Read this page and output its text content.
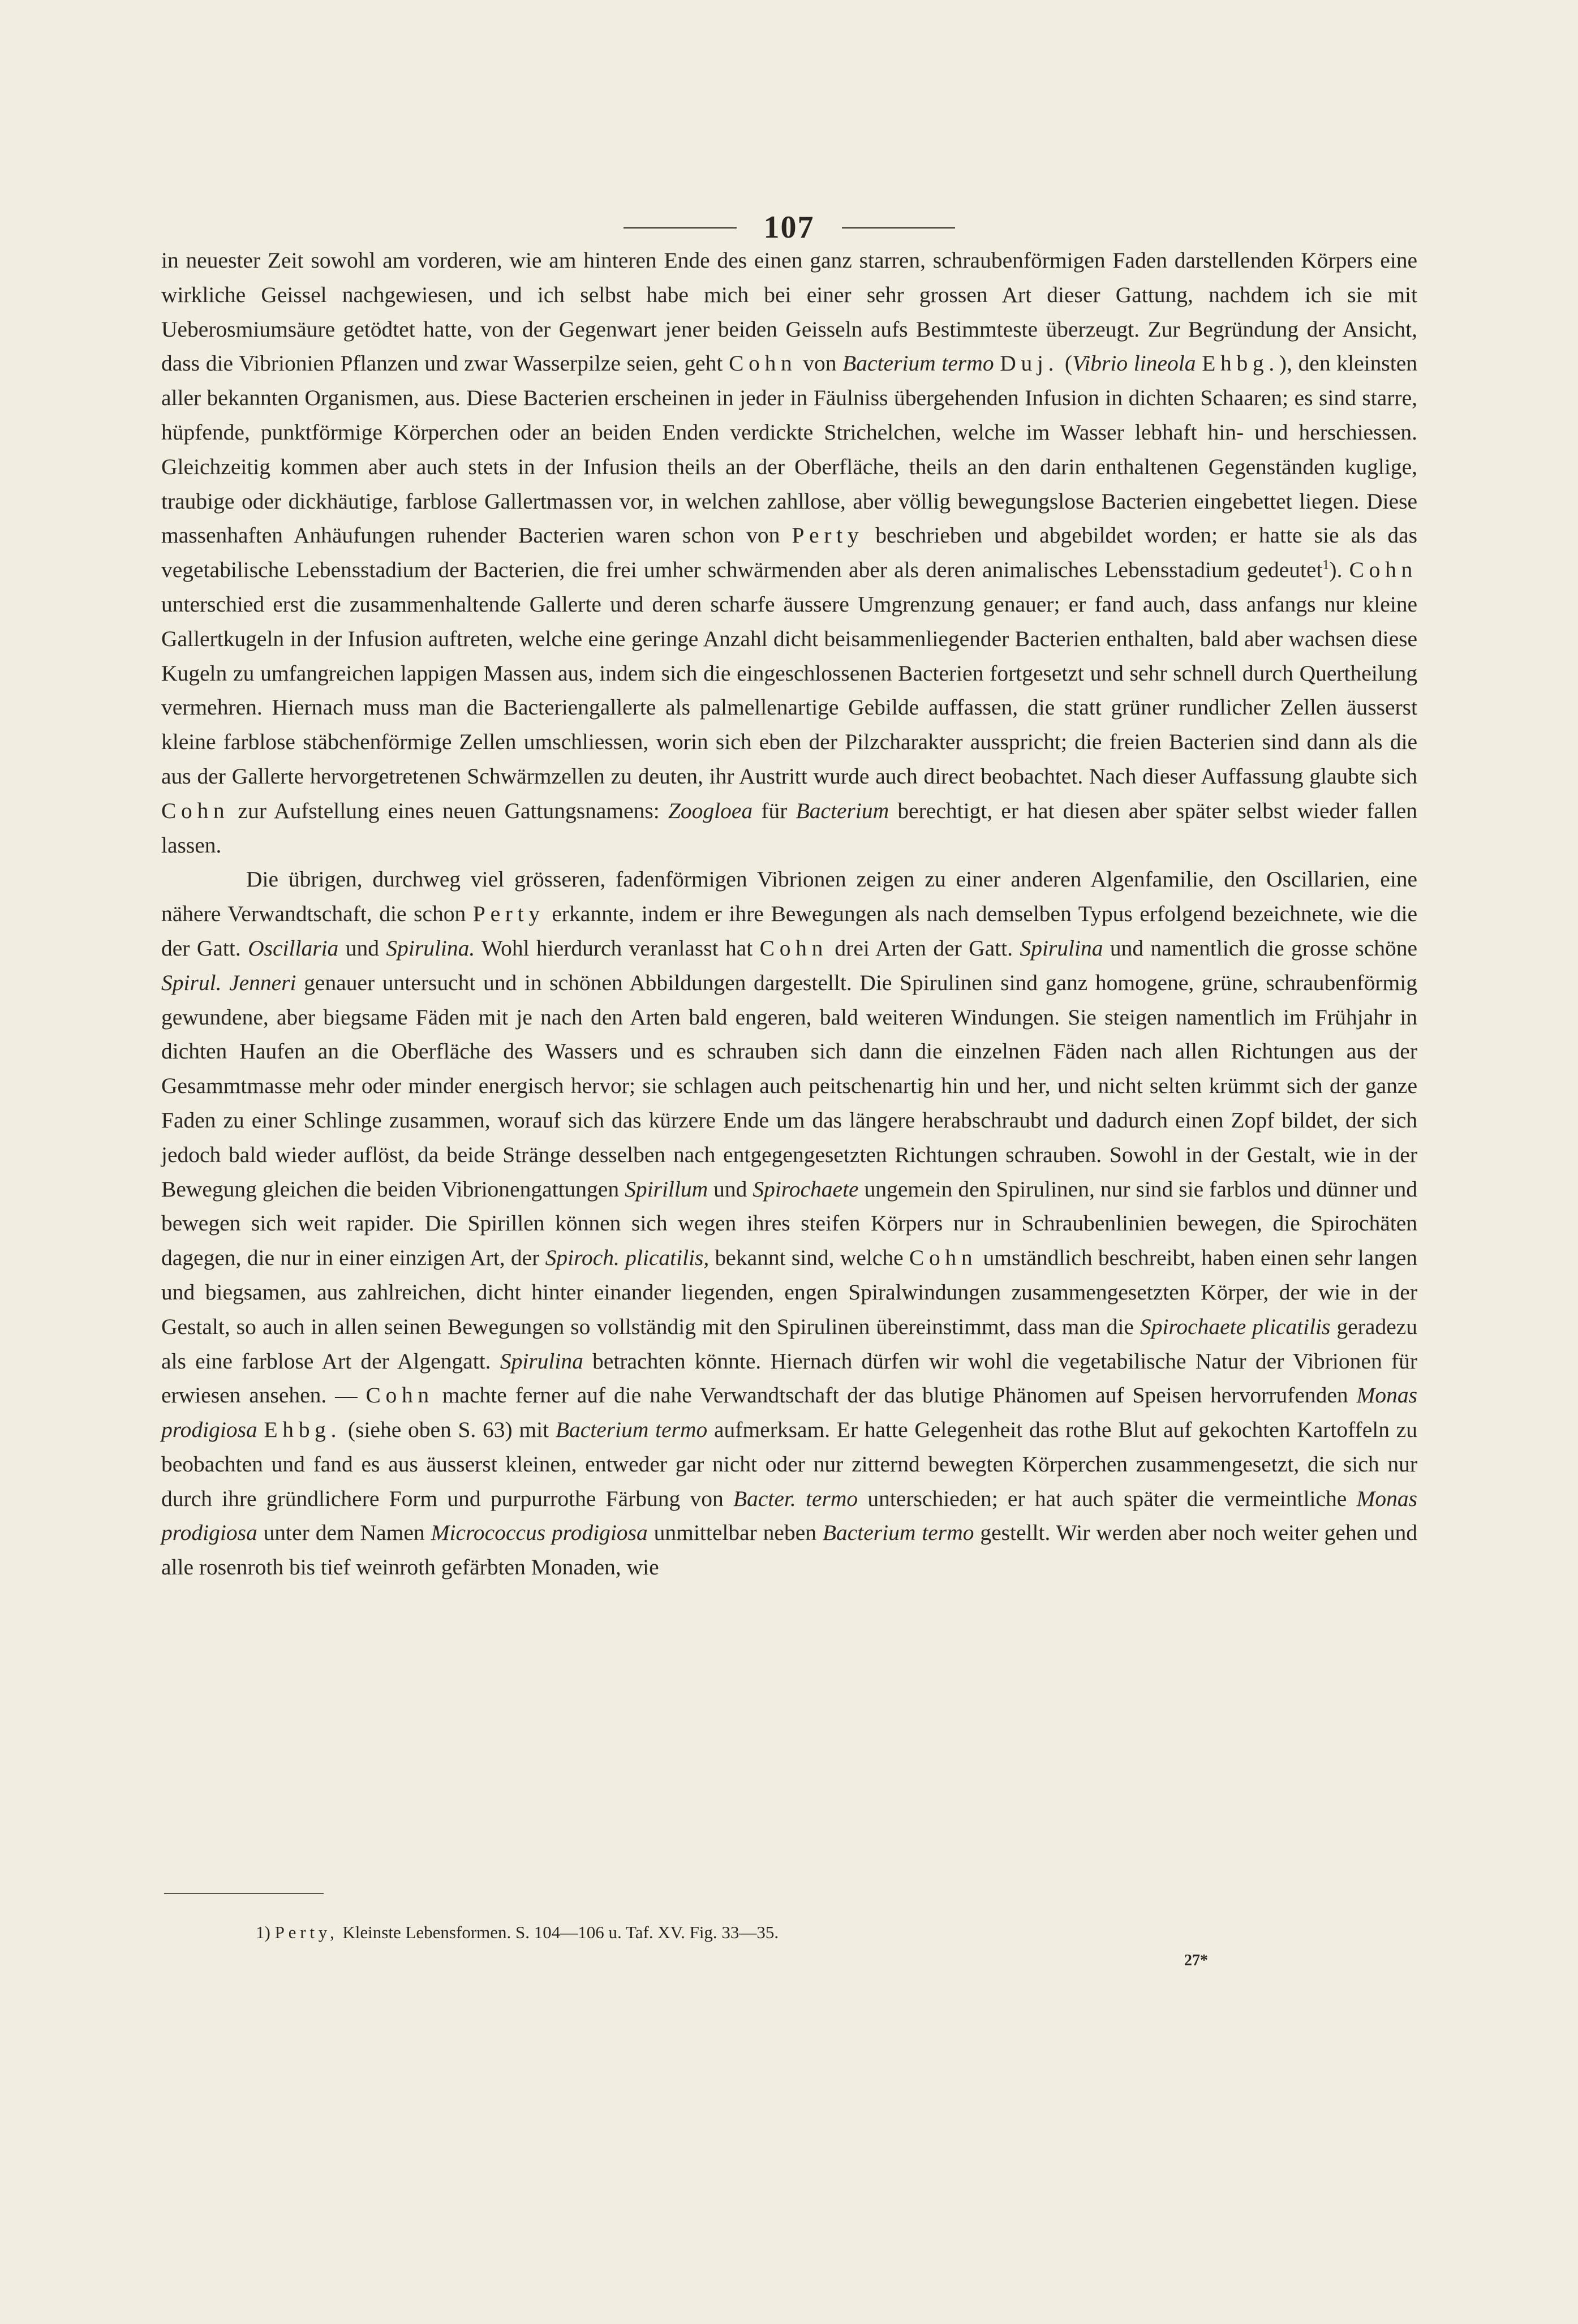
107

in neuester Zeit sowohl am vorderen, wie am hinteren Ende des einen ganz starren, schraubenförmigen Faden darstellenden Körpers eine wirkliche Geissel nachgewiesen, und ich selbst habe mich bei einer sehr grossen Art dieser Gattung, nachdem ich sie mit Ueberosmiumsäure getödtet hatte, von der Gegenwart jener beiden Geisseln aufs Bestimmteste überzeugt. Zur Begründung der Ansicht, dass die Vibrionien Pflanzen und zwar Wasserpilze seien, geht Cohn von Bacterium termo Duj. (Vibrio lineola Ehbg.), den kleinsten aller bekannten Organismen, aus. Diese Bacterien erscheinen in jeder in Fäulniss übergehenden Infusion in dichten Schaaren; es sind starre, hüpfende, punktförmige Körperchen oder an beiden Enden verdickte Strichelchen, welche im Wasser lebhaft hin- und herschiessen. Gleichzeitig kommen aber auch stets in der Infusion theils an der Oberfläche, theils an den darin enthaltenen Gegenständen kuglige, traubige oder dickhäutige, farblose Gallertmassen vor, in welchen zahllose, aber völlig bewegungslose Bacterien eingebettet liegen. Diese massenhaften Anhäufungen ruhender Bacterien waren schon von Perty beschrieben und abgebildet worden; er hatte sie als das vegetabilische Lebensstadium der Bacterien, die frei umher schwärmenden aber als deren animalisches Lebensstadium gedeutet$^1$). Cohn unterschied erst die zusammenhaltende Gallerte und deren scharfe äussere Umgrenzung genauer; er fand auch, dass anfangs nur kleine Gallertkugeln in der Infusion auftreten, welche eine geringe Anzahl dicht beisammenliegender Bacterien enthalten, bald aber wachsen diese Kugeln zu umfangreichen lappigen Massen aus, indem sich die eingeschlossenen Bacterien fortgesetzt und sehr schnell durch Quertheilung vermehren. Hiernach muss man die Bacteriengallerte als palmellenartige Gebilde auffassen, die statt grüner rundlicher Zellen äusserst kleine farblose stäbchenförmige Zellen umschliessen, worin sich eben der Pilzcharakter ausspricht; die freien Bacterien sind dann als die aus der Gallerte hervorgetretenen Schwärmzellen zu deuten, ihr Austritt wurde auch direct beobachtet. Nach dieser Auffassung glaubte sich Cohn zur Aufstellung eines neuen Gattungsnamens: Zoogloea für Bacterium berechtigt, er hat diesen aber später selbst wieder fallen lassen.

Die übrigen, durchweg viel grösseren, fadenförmigen Vibrionen zeigen zu einer anderen Algenfamilie, den Oscillarien, eine nähere Verwandtschaft, die schon Perty erkannte, indem er ihre Bewegungen als nach demselben Typus erfolgend bezeichnete, wie die der Gatt. Oscillaria und Spirulina. Wohl hierdurch veranlasst hat Cohn drei Arten der Gatt. Spirulina und namentlich die grosse schöne Spirul. Jenneri genauer untersucht und in schönen Abbildungen dargestellt. Die Spirulinen sind ganz homogene, grüne, schraubenförmig gewundene, aber biegsame Fäden mit je nach den Arten bald engeren, bald weiteren Windungen. Sie steigen namentlich im Frühjahr in dichten Haufen an die Oberfläche des Wassers und es schrauben sich dann die einzelnen Fäden nach allen Richtungen aus der Gesammtmasse mehr oder minder energisch hervor; sie schlagen auch peitschenartig hin und her, und nicht selten krümmt sich der ganze Faden zu einer Schlinge zusammen, worauf sich das kürzere Ende um das längere herabschraubt und dadurch einen Zopf bildet, der sich jedoch bald wieder auflöst, da beide Stränge desselben nach entgegengesetzten Richtungen schrauben. Sowohl in der Gestalt, wie in der Bewegung gleichen die beiden Vibrionengattungen Spirillum und Spirochaete ungemein den Spirulinen, nur sind sie farblos und dünner und bewegen sich weit rapider. Die Spirillen können sich wegen ihres steifen Körpers nur in Schraubenlinien bewegen, die Spirochäten dagegen, die nur in einer einzigen Art, der Spiroch. plicatilis, bekannt sind, welche Cohn umständlich beschreibt, haben einen sehr langen und biegsamen, aus zahlreichen, dicht hinter einander liegenden, engen Spiralwindungen zusammengesetzten Körper, der wie in der Gestalt, so auch in allen seinen Bewegungen so vollständig mit den Spirulinen übereinstimmt, dass man die Spirochaete plicatilis geradezu als eine farblose Art der Algengatt. Spirulina betrachten könnte. Hiernach dürfen wir wohl die vegetabilische Natur der Vibrionen für erwiesen ansehen. — Cohn machte ferner auf die nahe Verwandtschaft der das blutige Phänomen auf Speisen hervorrufenden Monas prodigiosa Ehbg. (siehe oben S. 63) mit Bacterium termo aufmerksam. Er hatte Gelegenheit das rothe Blut auf gekochten Kartoffeln zu beobachten und fand es aus äusserst kleinen, entweder gar nicht oder nur zitternd bewegten Körperchen zusammengesetzt, die sich nur durch ihre gründlichere Form und purpurrothe Färbung von Bacter. termo unterschieden; er hat auch später die vermeintliche Monas prodigiosa unter dem Namen Micrococcus prodigiosa unmittelbar neben Bacterium termo gestellt. Wir werden aber noch weiter gehen und alle rosenroth bis tief weinroth gefärbten Monaden, wie

1) Perty, Kleinste Lebensformen. S. 104—106 u. Taf. XV. Fig. 33—35.
27*
